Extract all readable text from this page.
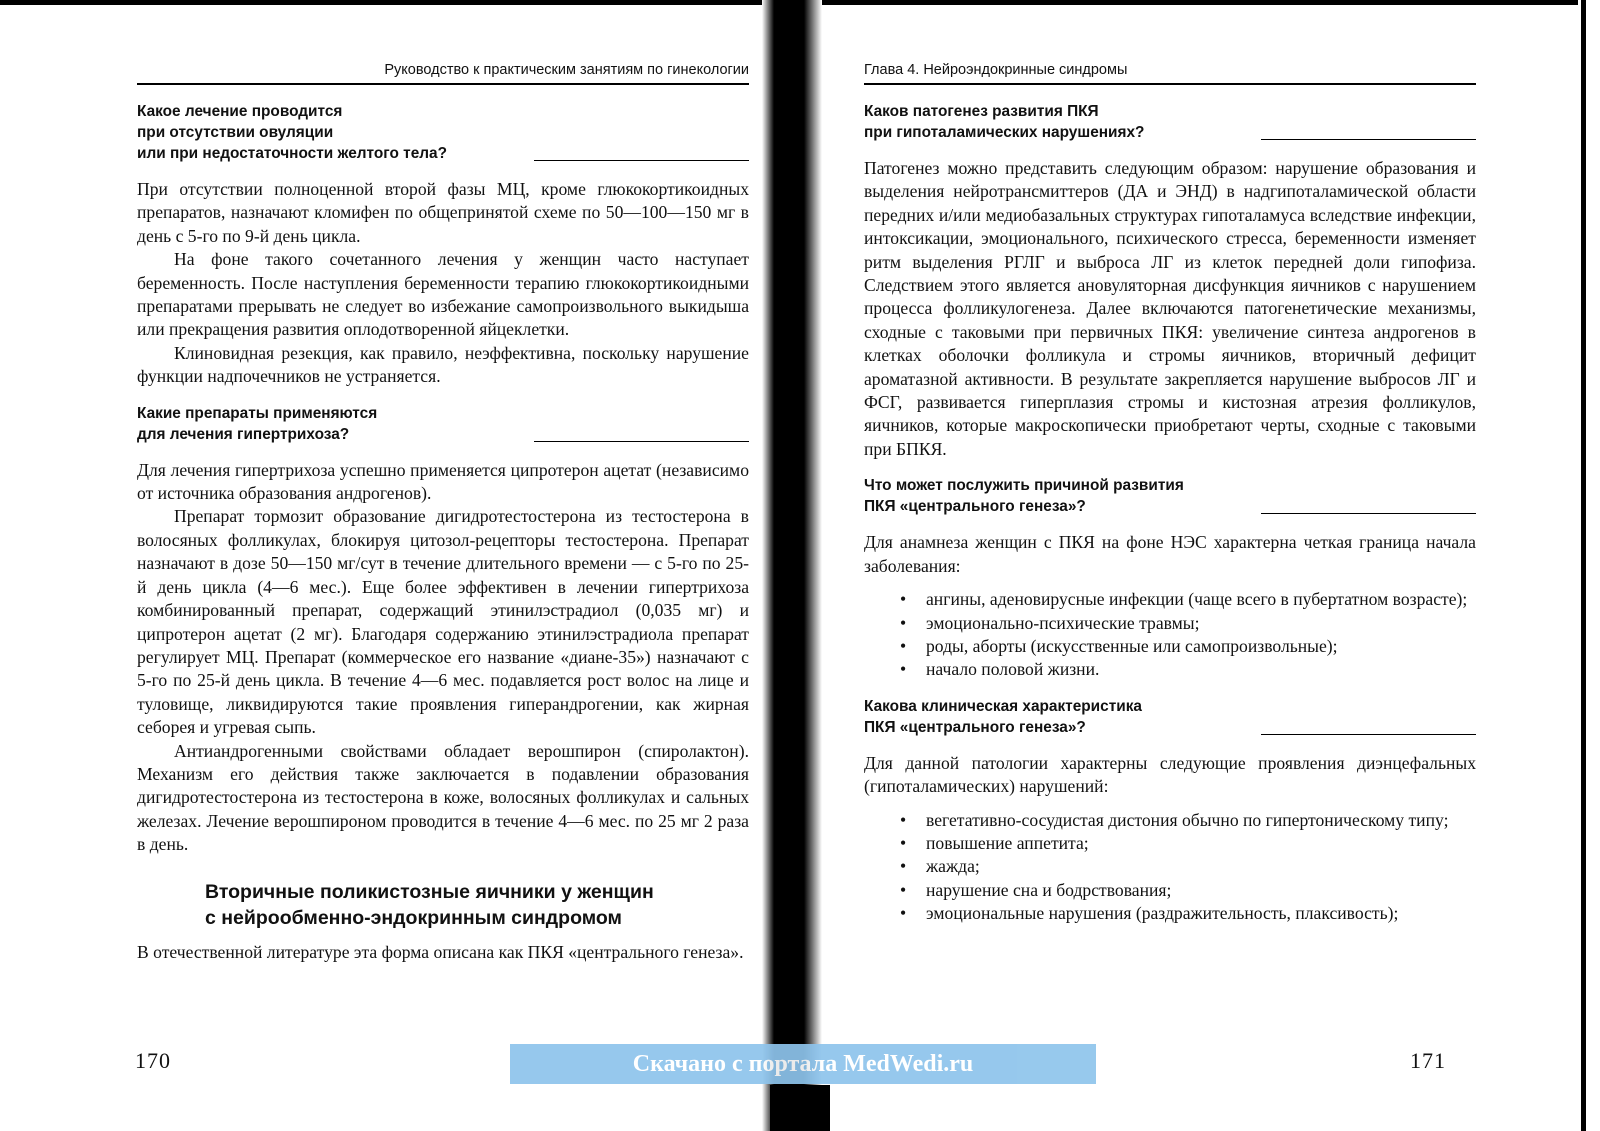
Руководство к практическим занятиям по гинекологии
Какое лечение проводится
при отсутствии овуляции
или при недостаточности желтого тела?

При отсутствии полноценной второй фазы МЦ, кроме глюкокортикоидных препаратов, назначают кломифен по общепринятой схеме по 50—100—150 мг в день с 5-го по 9-й день цикла.

На фоне такого сочетанного лечения у женщин часто наступает беременность. После наступления беременности терапию глюкокортикоидными препаратами прерывать не следует во избежание самопроизвольного выкидыша или прекращения развития оплодотворенной яйцеклетки.

Клиновидная резекция, как правило, неэффективна, поскольку нарушение функции надпочечников не устраняется.

Какие препараты применяются
для лечения гипертрихоза?

Для лечения гипертрихоза успешно применяется ципротерон ацетат (независимо от источника образования андрогенов).

Препарат тормозит образование дигидротестостерона из тестостерона в волосяных фолликулах, блокируя цитозол-рецепторы тестостерона. Препарат назначают в дозе 50—150 мг/сут в течение длительного времени — с 5-го по 25-й день цикла (4—6 мес.). Еще более эффективен в лечении гипертрихоза комбинированный препарат, содержащий этинилэстрадиол (0,035 мг) и ципротерон ацетат (2 мг). Благодаря содержанию этинилэстрадиола препарат регулирует МЦ. Препарат (коммерческое его название «диане-35») назначают с 5-го по 25-й день цикла. В течение 4—6 мес. подавляется рост волос на лице и туловище, ликвидируются такие проявления гиперандрогении, как жирная себорея и угревая сыпь.

Антиандрогенными свойствами обладает верошпирон (спиролактон). Механизм его действия также заключается в подавлении образования дигидротестостерона из тестостерона в коже, волосяных фолликулах и сальных железах. Лечение верошпироном проводится в течение 4—6 мес. по 25 мг 2 раза в день.

Вторичные поликистозные яичники у женщин
с нейрообменно-эндокринным синдромом

В отечественной литературе эта форма описана как ПКЯ «центрального генеза».

170
Глава 4. Нейроэндокринные синдромы
Каков патогенез развития ПКЯ
при гипоталамических нарушениях?

Патогенез можно представить следующим образом: нарушение образования и выделения нейротрансмиттеров (ДА и ЭНД) в надгипоталамической области передних и/или медиобазальных структурах гипоталамуса вследствие инфекции, интоксикации, эмоционального, психического стресса, беременности изменяет ритм выделения РГЛГ и выброса ЛГ из клеток передней доли гипофиза. Следствием этого является ановуляторная дисфункция яичников с нарушением процесса фолликулогенеза. Далее включаются патогенетические механизмы, сходные с таковыми при первичных ПКЯ: увеличение синтеза андрогенов в клетках оболочки фолликула и стромы яичников, вторичный дефицит ароматазной активности. В результате закрепляется нарушение выбросов ЛГ и ФСГ, развивается гиперплазия стромы и кистозная атрезия фолликулов, яичников, которые макроскопически приобретают черты, сходные с таковыми при БПКЯ.

Что может послужить причиной развития
ПКЯ «центрального генеза»?

Для анамнеза женщин с ПКЯ на фоне НЭС характерна четкая граница начала заболевания:

• ангины, аденовирусные инфекции (чаще всего в пубертатном возрасте);
• эмоционально-психические травмы;
• роды, аборты (искусственные или самопроизвольные);
• начало половой жизни.
Какова клиническая характеристика
ПКЯ «центрального генеза»?

Для данной патологии характерны следующие проявления диэнцефальных (гипоталамических) нарушений:

• вегетативно-сосудистая дистония обычно по гипертоническому типу;
• повышение аппетита;
• жажда;
• нарушение сна и бодрствования;
• эмоциональные нарушения (раздражительность, плаксивость);
171
Скачано с портала MedWedi.ru
